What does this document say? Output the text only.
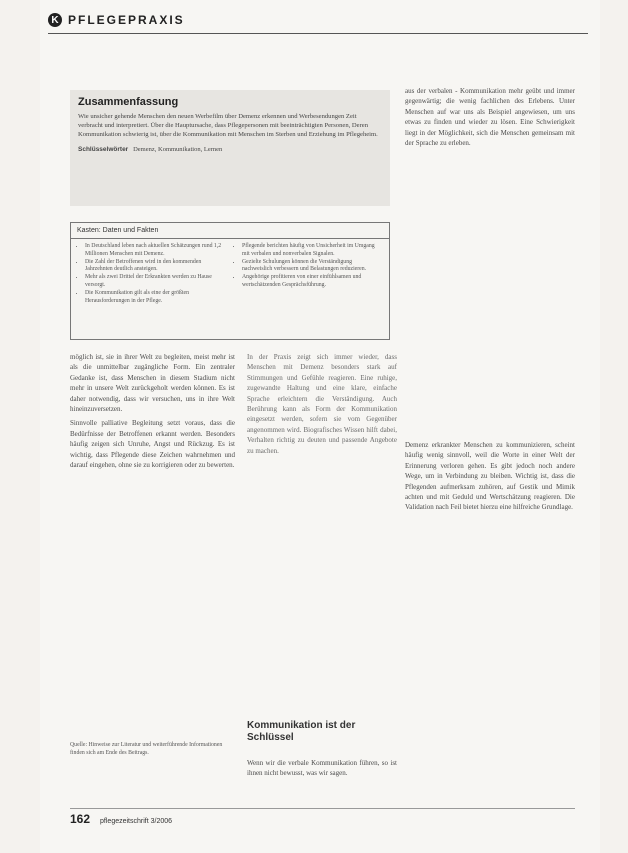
K PFLEGEPRAXIS
Zusammenfassung

Wie unsicher gehende Menschen den neuen Werbefilm über Demenz erkennen und Werbesendungen Zeit verbracht und interpretiert. Über die Hauptursache, dass Pflegepersonen mit beeinträchtigten Personen, Deren Kommunikation schwierig ist, über die Kommunikation mit Menschen im Sterben und Erziehung im Pflegeheim.

Schlüsselwörter Demenz, Kommunikation, Lernen
Kasten: Daten und Fakten
• In Deutschland leben nach aktuellen Schätzungen rund 1,2 Millionen Menschen mit Demenz.
• Die Zahl der Betroffenen wird in den kommenden Jahrzehnten deutlich ansteigen.
• Mehr als zwei Drittel der Erkrankten werden zu Hause versorgt.
• Die Kommunikation gilt als eine der größten Herausforderungen in der Pflege.
• Pflegende berichten häufig von Unsicherheit im Umgang mit verbalen und nonverbalen Signalen.
• Gezielte Schulungen können die Verständigung nachweislich verbessern und Belastungen reduzieren.
• Angehörige profitieren von einer einfühlsamen und wertschätzenden Gesprächsführung.

aus der verbalen - Kommunikation mehr geübt und immer gegenwärtig; die wenig fachlichen des Erlebens. Unter Menschen auf war uns als Beispiel angewiesen, um uns etwas zu finden und wieder zu lösen. Eine Schwierigkeit liegt in der Möglichkeit, sich die Menschen gemeinsam mit der Sprache zu erleben.

Demenz erkrankter Menschen zu kommunizieren, scheint häufig wenig sinnvoll, weil die Worte in einer Welt der Erinnerung verloren gehen. Es gibt jedoch noch andere Wege, um in Verbindung zu bleiben. Wichtig ist, dass die Pflegenden aufmerksam zuhören, auf Gestik und Mimik achten und mit Geduld und Wertschätzung reagieren. Die Validation nach Feil bietet hierzu eine hilfreiche Grundlage.

möglich ist, sie in ihrer Welt zu begleiten, meist mehr ist als die unmittelbar zugängliche Form. Ein zentraler Gedanke ist, dass Menschen in diesem Stadium nicht mehr in unsere Welt zurückgeholt werden können. Es ist daher notwendig, dass wir versuchen, uns in ihre Welt hineinzuversetzen.

Sinnvolle palliative Begleitung setzt voraus, dass die Bedürfnisse der Betroffenen erkannt werden. Besonders häufig zeigen sich Unruhe, Angst und Rückzug. Es ist wichtig, dass Pflegende diese Zeichen wahrnehmen und darauf eingehen, ohne sie zu korrigieren oder zu bewerten.

In der Praxis zeigt sich immer wieder, dass Menschen mit Demenz besonders stark auf Stimmungen und Gefühle reagieren. Eine ruhige, zugewandte Haltung und eine klare, einfache Sprache erleichtern die Verständigung. Auch Berührung kann als Form der Kommunikation eingesetzt werden, sofern sie vom Gegenüber angenommen wird. Biografisches Wissen hilft dabei, Verhalten richtig zu deuten und passende Angebote zu machen.

Kommunikation ist der Schlüssel

Wenn wir die verbale Kommunikation führen, so ist ihnen nicht bewusst, was wir sagen.

Quelle: Hinweise zur Literatur und weiterführende Informationen finden sich am Ende des Beitrags.
162 pflegezeitschrift 3/2006
